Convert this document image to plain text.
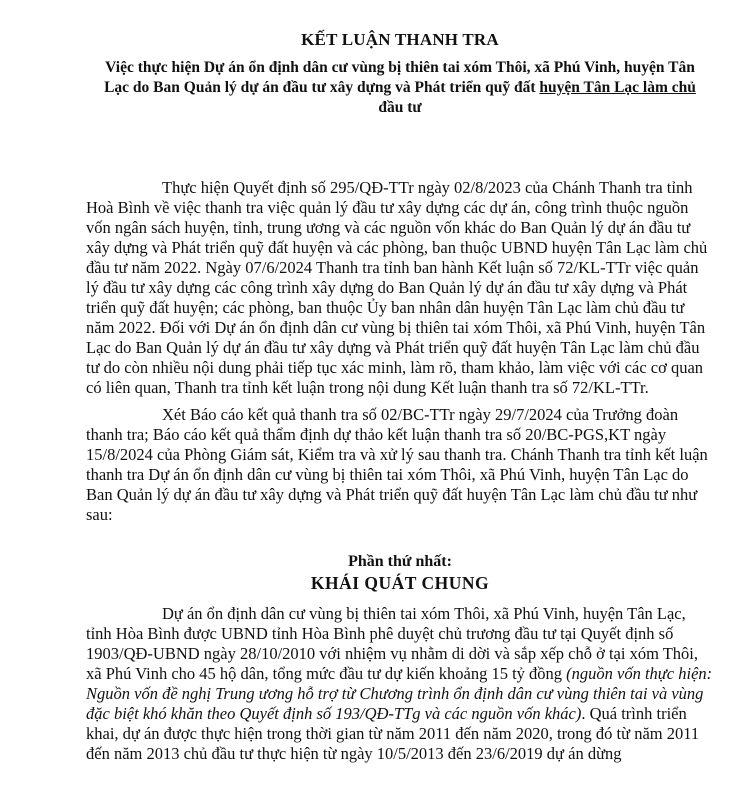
KẾT LUẬN THANH TRA
Việc thực hiện Dự án ổn định dân cư vùng bị thiên tai xóm Thôi, xã Phú Vinh, huyện Tân Lạc do Ban Quản lý dự án đầu tư xây dựng và Phát triển quỹ đất huyện Tân Lạc làm chủ đầu tư

Thực hiện Quyết định số 295/QĐ-TTr ngày 02/8/2023 của Chánh Thanh tra tỉnh Hoà Bình về việc thanh tra việc quản lý đầu tư xây dựng các dự án, công trình thuộc nguồn vốn ngân sách huyện, tỉnh, trung ương và các nguồn vốn khác do Ban Quản lý dự án đầu tư xây dựng và Phát triển quỹ đất huyện và các phòng, ban thuộc UBND huyện Tân Lạc làm chủ đầu tư năm 2022. Ngày 07/6/2024 Thanh tra tỉnh ban hành Kết luận số 72/KL-TTr việc quản lý đầu tư xây dựng các công trình xây dựng do Ban Quản lý dự án đầu tư xây dựng và Phát triển quỹ đất huyện; các phòng, ban thuộc Ủy ban nhân dân huyện Tân Lạc làm chủ đầu tư năm 2022. Đối với Dự án ổn định dân cư vùng bị thiên tai xóm Thôi, xã Phú Vinh, huyện Tân Lạc do Ban Quản lý dự án đầu tư xây dựng và Phát triển quỹ đất huyện Tân Lạc làm chủ đầu tư do còn nhiều nội dung phải tiếp tục xác minh, làm rõ, tham khảo, làm việc với các cơ quan có liên quan, Thanh tra tỉnh kết luận trong nội dung Kết luận thanh tra số 72/KL-TTr.

Xét Báo cáo kết quả thanh tra số 02/BC-TTr ngày 29/7/2024 của Trưởng đoàn thanh tra; Báo cáo kết quả thẩm định dự thảo kết luận thanh tra số 20/BC-PGS,KT ngày 15/8/2024 của Phòng Giám sát, Kiểm tra và xử lý sau thanh tra. Chánh Thanh tra tỉnh kết luận thanh tra Dự án ổn định dân cư vùng bị thiên tai xóm Thôi, xã Phú Vinh, huyện Tân Lạc do Ban Quản lý dự án đầu tư xây dựng và Phát triển quỹ đất huyện Tân Lạc làm chủ đầu tư như sau:

Phần thứ nhất:
KHÁI QUÁT CHUNG

Dự án ổn định dân cư vùng bị thiên tai xóm Thôi, xã Phú Vinh, huyện Tân Lạc, tỉnh Hòa Bình được UBND tỉnh Hòa Bình phê duyệt chủ trương đầu tư tại Quyết định số 1903/QĐ-UBND ngày 28/10/2010 với nhiệm vụ nhằm di dời và sắp xếp chỗ ở tại xóm Thôi, xã Phú Vinh cho 45 hộ dân, tổng mức đầu tư dự kiến khoảng 15 tỷ đồng (nguồn vốn thực hiện: Nguồn vốn đề nghị Trung ương hỗ trợ từ Chương trình ổn định dân cư vùng thiên tai và vùng đặc biệt khó khăn theo Quyết định số 193/QĐ-TTg và các nguồn vốn khác). Quá trình triển khai, dự án được thực hiện trong thời gian từ năm 2011 đến năm 2020, trong đó từ năm 2011 đến năm 2013 chủ đầu tư thực hiện từ ngày 10/5/2013 đến 23/6/2019 dự án dừng
